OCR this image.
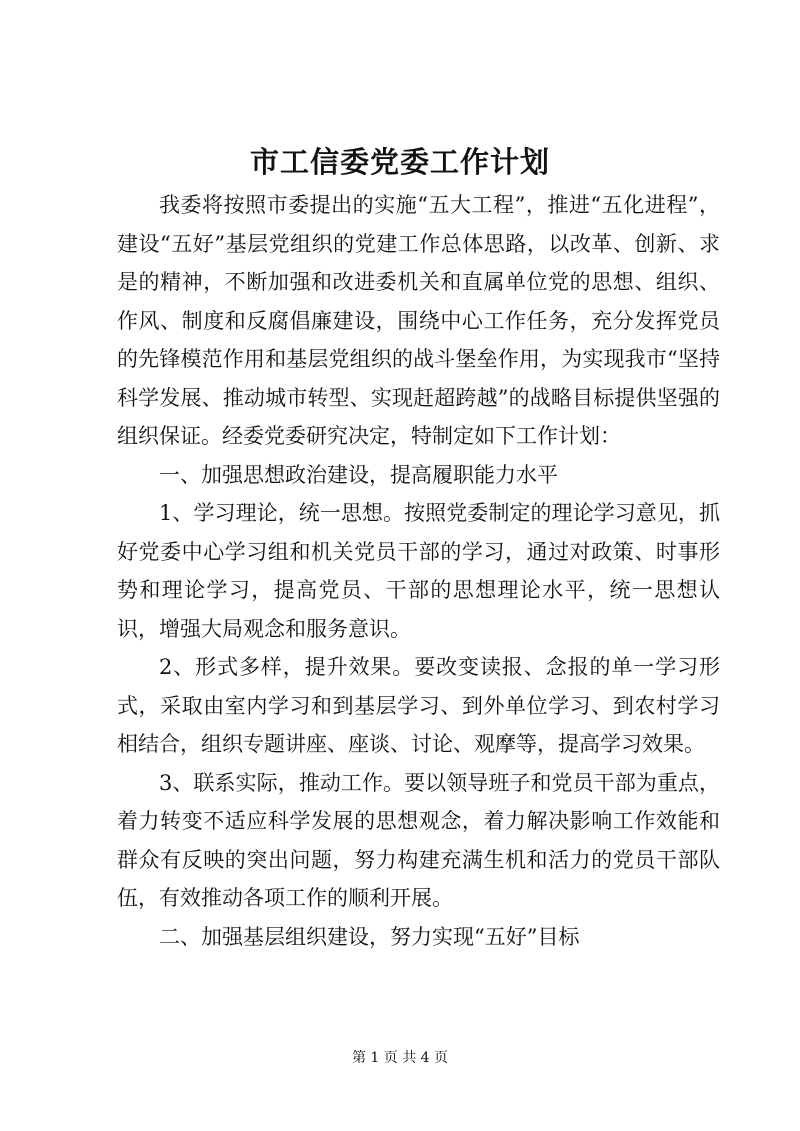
市工信委党委工作计划

我委将按照市委提出的实施“五大工程”，推进“五化进程”，建设“五好”基层党组织的党建工作总体思路，以改革、创新、求是的精神，不断加强和改进委机关和直属单位党的思想、组织、作风、制度和反腐倡廉建设，围绕中心工作任务，充分发挥党员的先锋模范作用和基层党组织的战斗堡垒作用，为实现我市“坚持科学发展、推动城市转型、实现赶超跨越”的战略目标提供坚强的组织保证。经委党委研究决定，特制定如下工作计划：

一、加强思想政治建设，提高履职能力水平

1、学习理论，统一思想。按照党委制定的理论学习意见，抓好党委中心学习组和机关党员干部的学习，通过对政策、时事形势和理论学习，提高党员、干部的思想理论水平，统一思想认识，增强大局观念和服务意识。

2、形式多样，提升效果。要改变读报、念报的单一学习形式，采取由室内学习和到基层学习、到外单位学习、到农村学习相结合，组织专题讲座、座谈、讨论、观摩等，提高学习效果。

3、联系实际，推动工作。要以领导班子和党员干部为重点，着力转变不适应科学发展的思想观念，着力解决影响工作效能和群众有反映的突出问题，努力构建充满生机和活力的党员干部队伍，有效推动各项工作的顺利开展。

二、加强基层组织建设，努力实现“五好”目标

第 1 页 共 4 页
